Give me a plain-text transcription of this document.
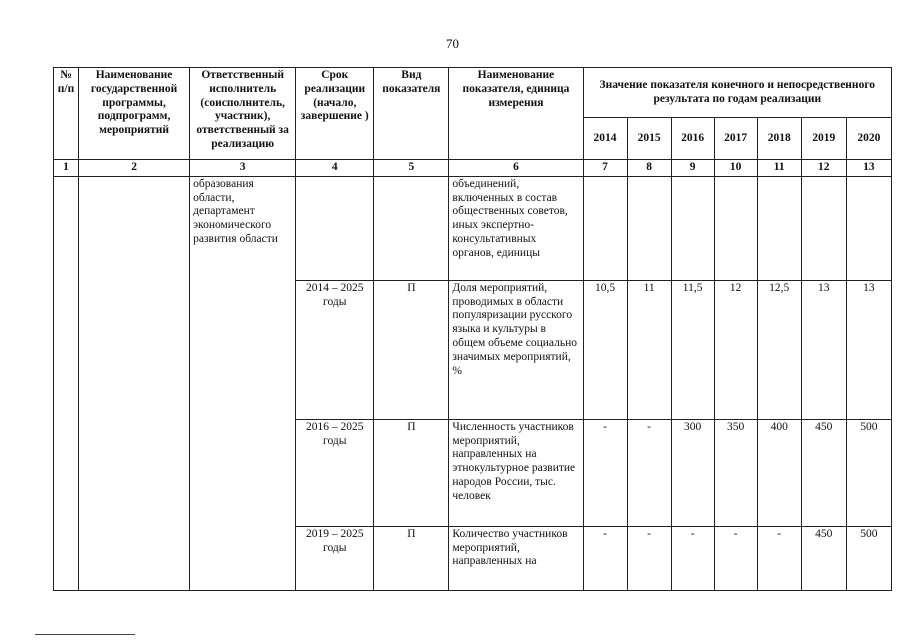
70
№ п/п	Наименование государственной программы, подпрограмм, мероприятий	Ответственный исполнитель (соисполнитель, участник), ответственный за реализацию	Срок реализации (начало, завершение )	Вид показателя	Наименование показателя, единица измерения	Значение показателя конечного и непосредственного результата по годам реализации						
						2014	2015	2016	2017	2018	2019	2020
1	2	3	4	5	6	7	8	9	10	11	12	13
		образования области, департамент экономического развития области			объединений, включенных в состав общественных советов, иных экспертно-консультативных органов, единицы							
			2014 – 2025 годы	П	Доля мероприятий, проводимых в области популяризации русского языка и культуры в общем объеме социально значимых мероприятий, %	10,5	11	11,5	12	12,5	13	13
			2016 – 2025 годы	П	Численность участников мероприятий, направленных на этнокультурное развитие народов России, тыс. человек	-	-	300	350	400	450	500
			2019 – 2025 годы	П	Количество участников мероприятий, направленных на	-	-	-	-	-	450	500
